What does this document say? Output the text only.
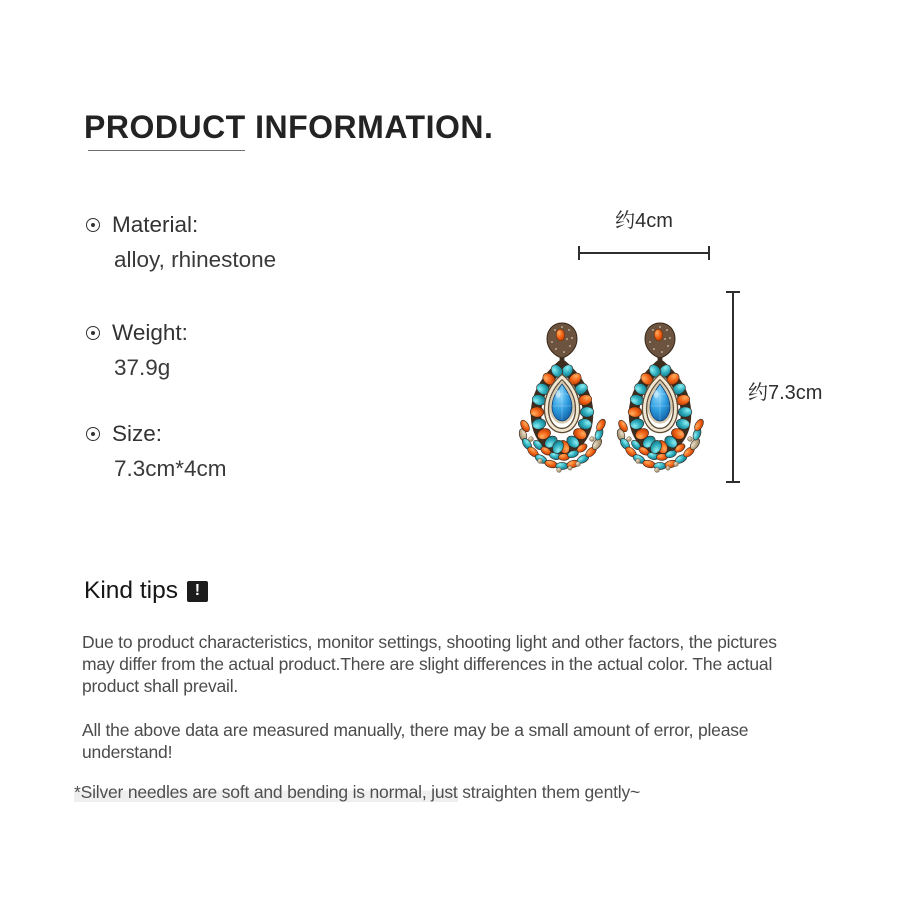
PRODUCT INFORMATION.
Material:
alloy, rhinestone
Weight:
37.9g
Size:
7.3cm*4cm
约4cm
约7.3cm
Kind tips	!

Due to product characteristics, monitor settings, shooting light and other factors, the pictures may differ from the actual product.There are slight differences in the actual color. The actual product shall prevail.

All the above data are measured manually, there may be a small amount of error, please understand!

*Silver needles are soft and bending is normal, just straighten them gently~
